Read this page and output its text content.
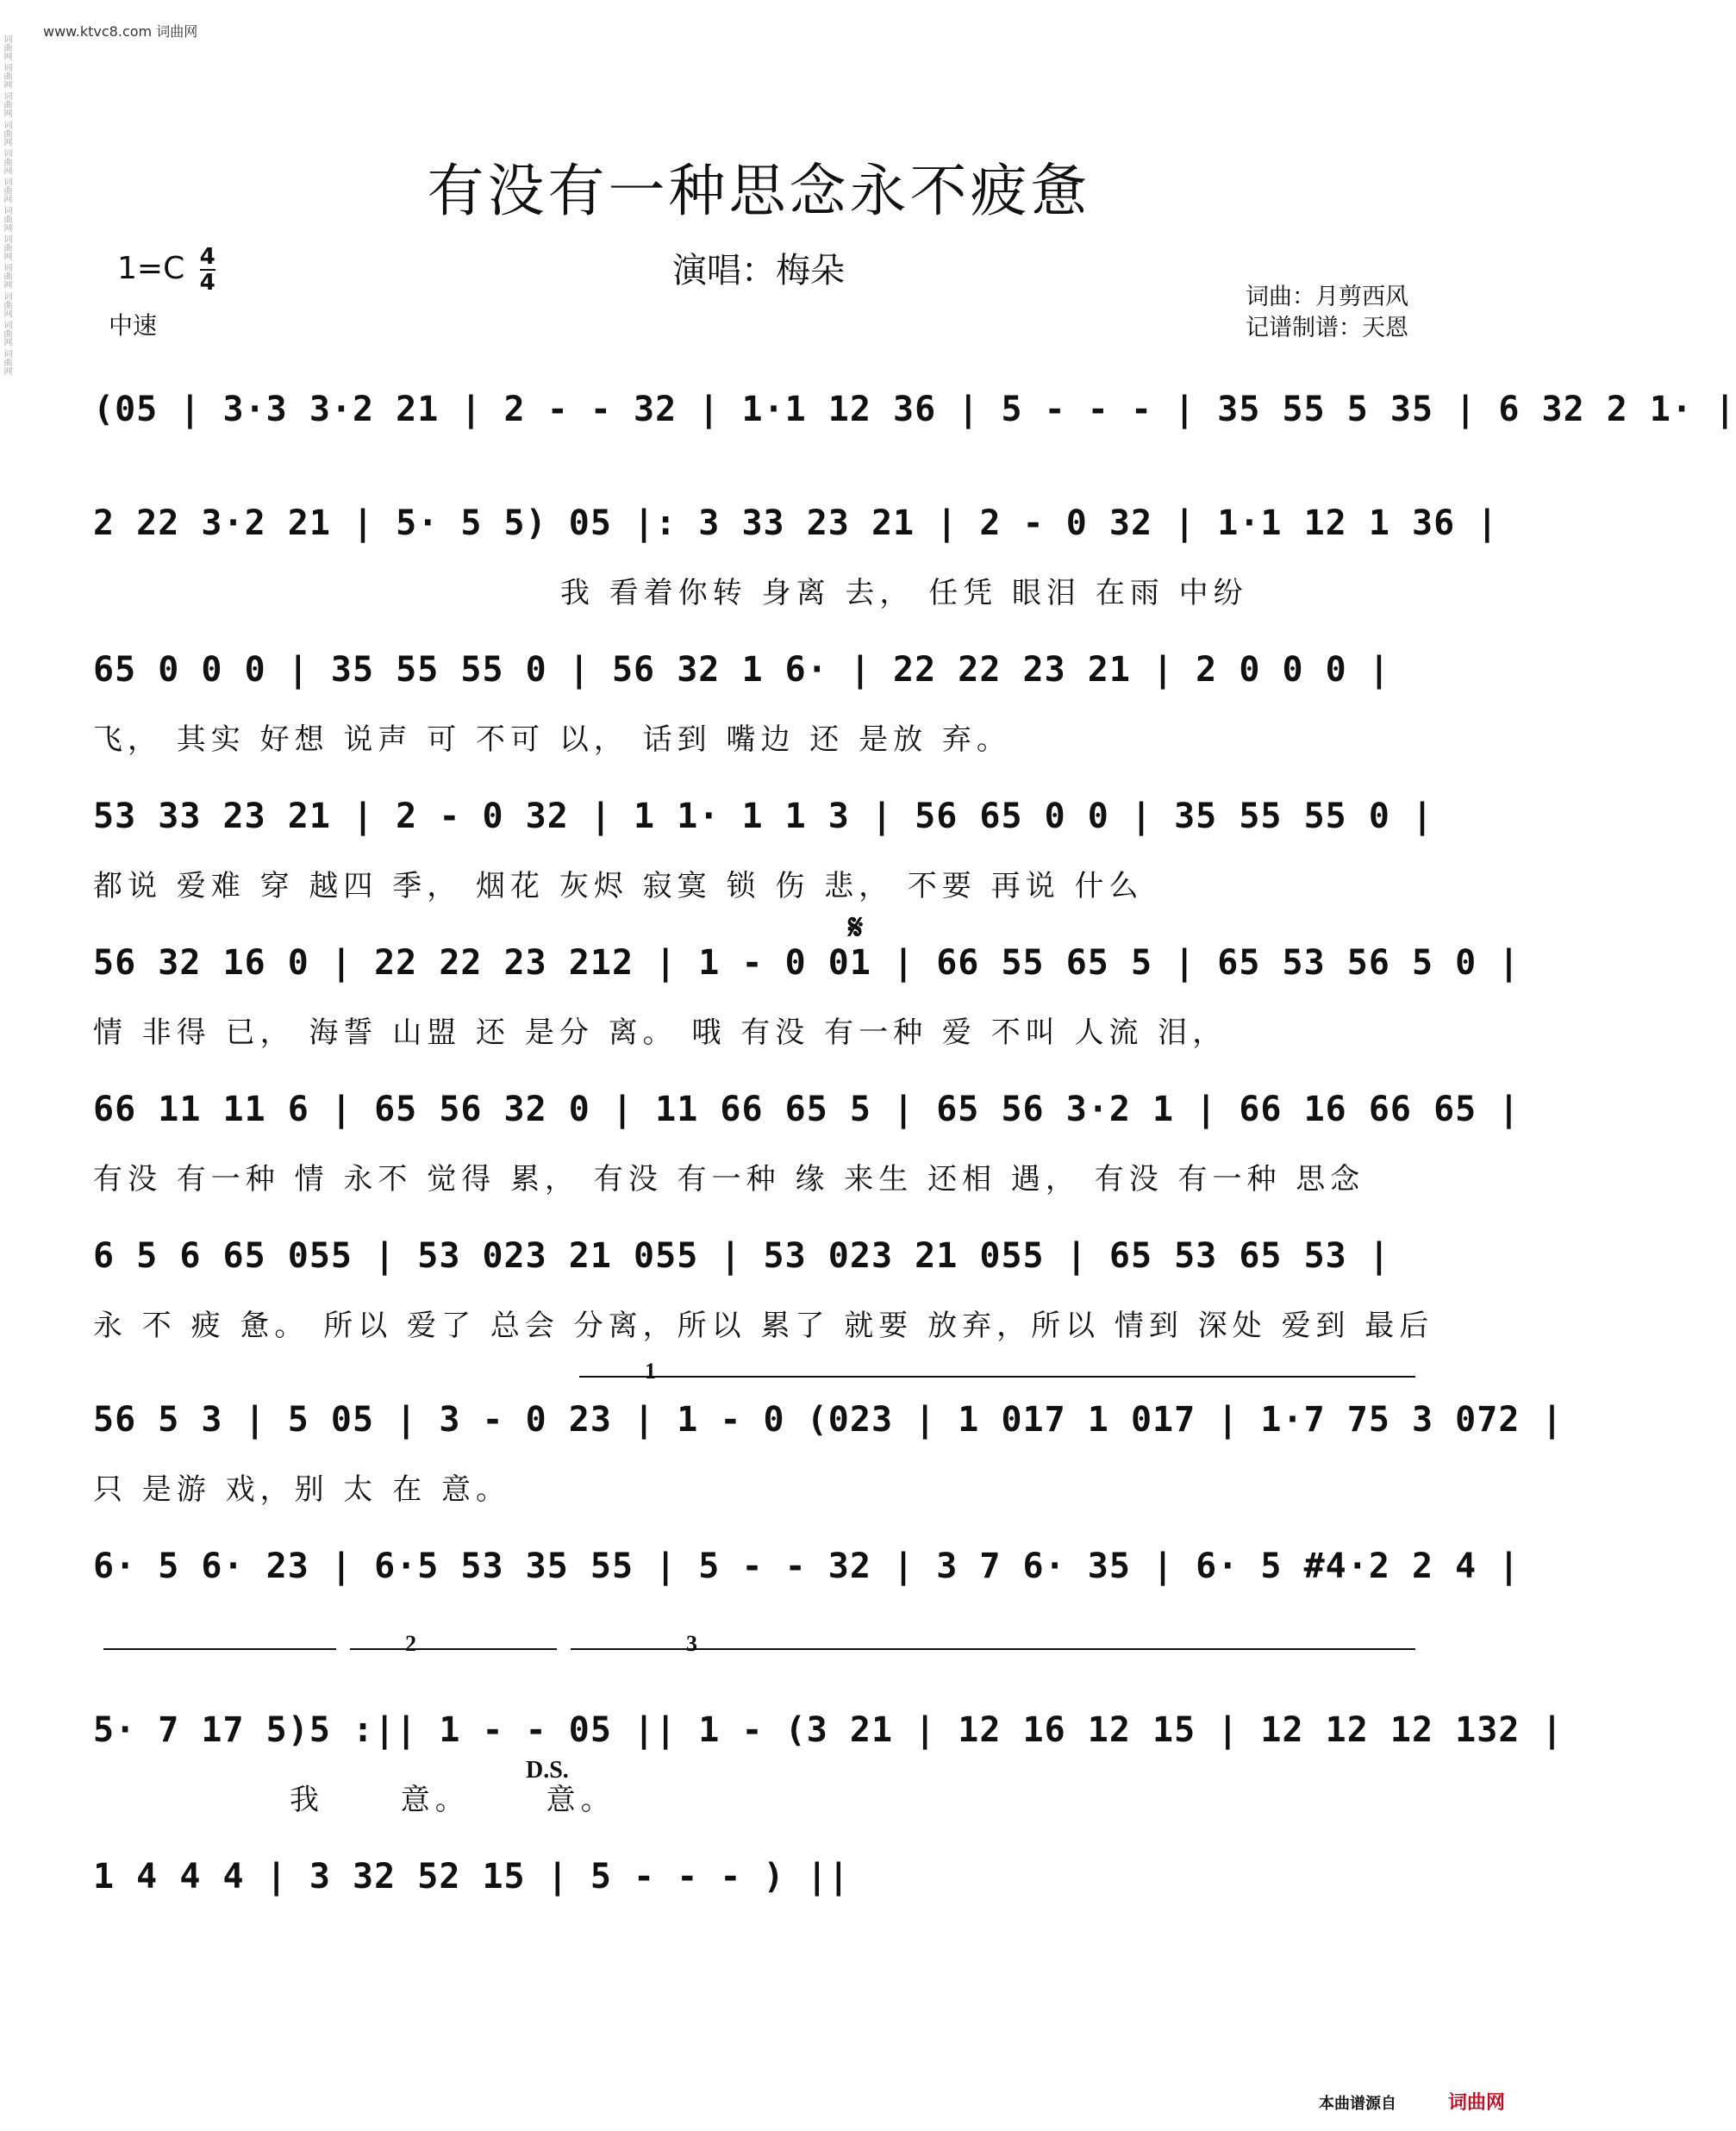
www.ktvc8.com 词曲网
词曲网 词曲网 词曲网 词曲网 词曲网 词曲网 词曲网 词曲网 词曲网 词曲网 词曲网 词曲网	有没有一种思念永不疲惫
$1=C \frac{4}{4}$	演唱：梅朵
中速
词曲：月剪西风
记谱制谱：天恩
(05 | 3·3 3·2 21 | 2 - - 32 | 1·1 12 36 | 5 - - - | 35 55 5 35 | 6 32 2 1· |
2 22 3·2 21 | 5· 5 5) 05 |: 3 33 23 21 | 2 - 0 32 | 1·1 12 1 36 |
我 看着你转 身离 去， 任凭 眼泪 在雨 中纷
65 0 0 0 | 35 55 55 0 | 56 32 1 6· | 22 22 23 21 | 2 0 0 0 |
飞， 其实 好想 说声 可 不可 以， 话到 嘴边 还 是放 弃。
53 33 23 21 | 2 - 0 32 | 1 1· 1 1 3 | 56 65 0 0 | 35 55 55 0 |
都说 爱难 穿 越四 季， 烟花 灰烬 寂寞 锁 伤 悲， 不要 再说 什么
𝄋
56 32 16 0 | 22 22 23 212 | 1 - 0 01 | 66 55 65 5 | 65 53 56 5 0 |
情 非得 已， 海誓 山盟 还 是分 离。 哦 有没 有一种 爱 不叫 人流 泪，
66 11 11 6 | 65 56 32 0 | 11 66 65 5 | 65 56 3·2 1 | 66 16 66 65 |
有没 有一种 情 永不 觉得 累， 有没 有一种 缘 来生 还相 遇， 有没 有一种 思念
6 5 6 65 055 | 53 023 21 055 | 53 023 21 055 | 65 53 65 53 |
永 不 疲 惫。 所以 爱了 总会 分离，所以 累了 就要 放弃，所以 情到 深处 爱到 最后
1
56 5 3 | 5 05 | 3 - 0 23 | 1 - 0 (023 | 1 017 1 017 | 1·7 75 3 072 |
只 是游 戏，别 太 在 意。
6· 5 6· 23 | 6·5 53 35 55 | 5 - - 32 | 3 7 6· 35 | 6· 5 #4·2 2 4 |
2	3
5· 7 17 5)5 :|| 1 - - 05 || 1 - (3 21 | 12 16 12 15 | 12 12 12 132 |
D.S.
我 意。 意。
1 4 4 4 | 3 32 52 15 | 5 - - - ) ||
本曲谱源自	词曲网
